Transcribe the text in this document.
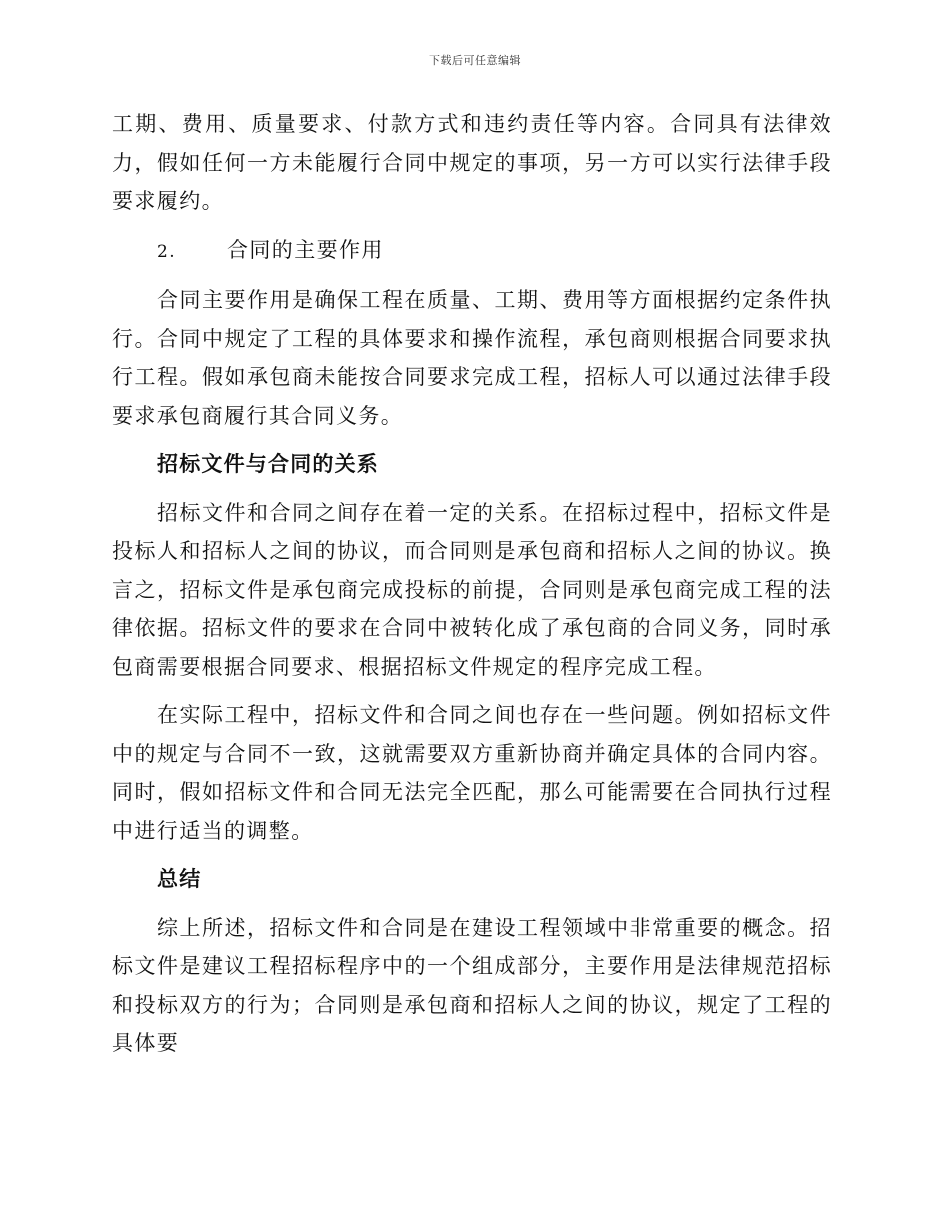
下载后可任意编辑

工期、费用、质量要求、付款方式和违约责任等内容。合同具有法律效力，假如任何一方未能履行合同中规定的事项，另一方可以实行法律手段要求履约。

2. 合同的主要作用

合同主要作用是确保工程在质量、工期、费用等方面根据约定条件执行。合同中规定了工程的具体要求和操作流程，承包商则根据合同要求执行工程。假如承包商未能按合同要求完成工程，招标人可以通过法律手段要求承包商履行其合同义务。

招标文件与合同的关系

招标文件和合同之间存在着一定的关系。在招标过程中，招标文件是投标人和招标人之间的协议，而合同则是承包商和招标人之间的协议。换言之，招标文件是承包商完成投标的前提，合同则是承包商完成工程的法律依据。招标文件的要求在合同中被转化成了承包商的合同义务，同时承包商需要根据合同要求、根据招标文件规定的程序完成工程。

在实际工程中，招标文件和合同之间也存在一些问题。例如招标文件中的规定与合同不一致，这就需要双方重新协商并确定具体的合同内容。同时，假如招标文件和合同无法完全匹配，那么可能需要在合同执行过程中进行适当的调整。

总结

综上所述，招标文件和合同是在建设工程领域中非常重要的概念。招标文件是建议工程招标程序中的一个组成部分，主要作用是法律规范招标和投标双方的行为；合同则是承包商和招标人之间的协议，规定了工程的具体要
